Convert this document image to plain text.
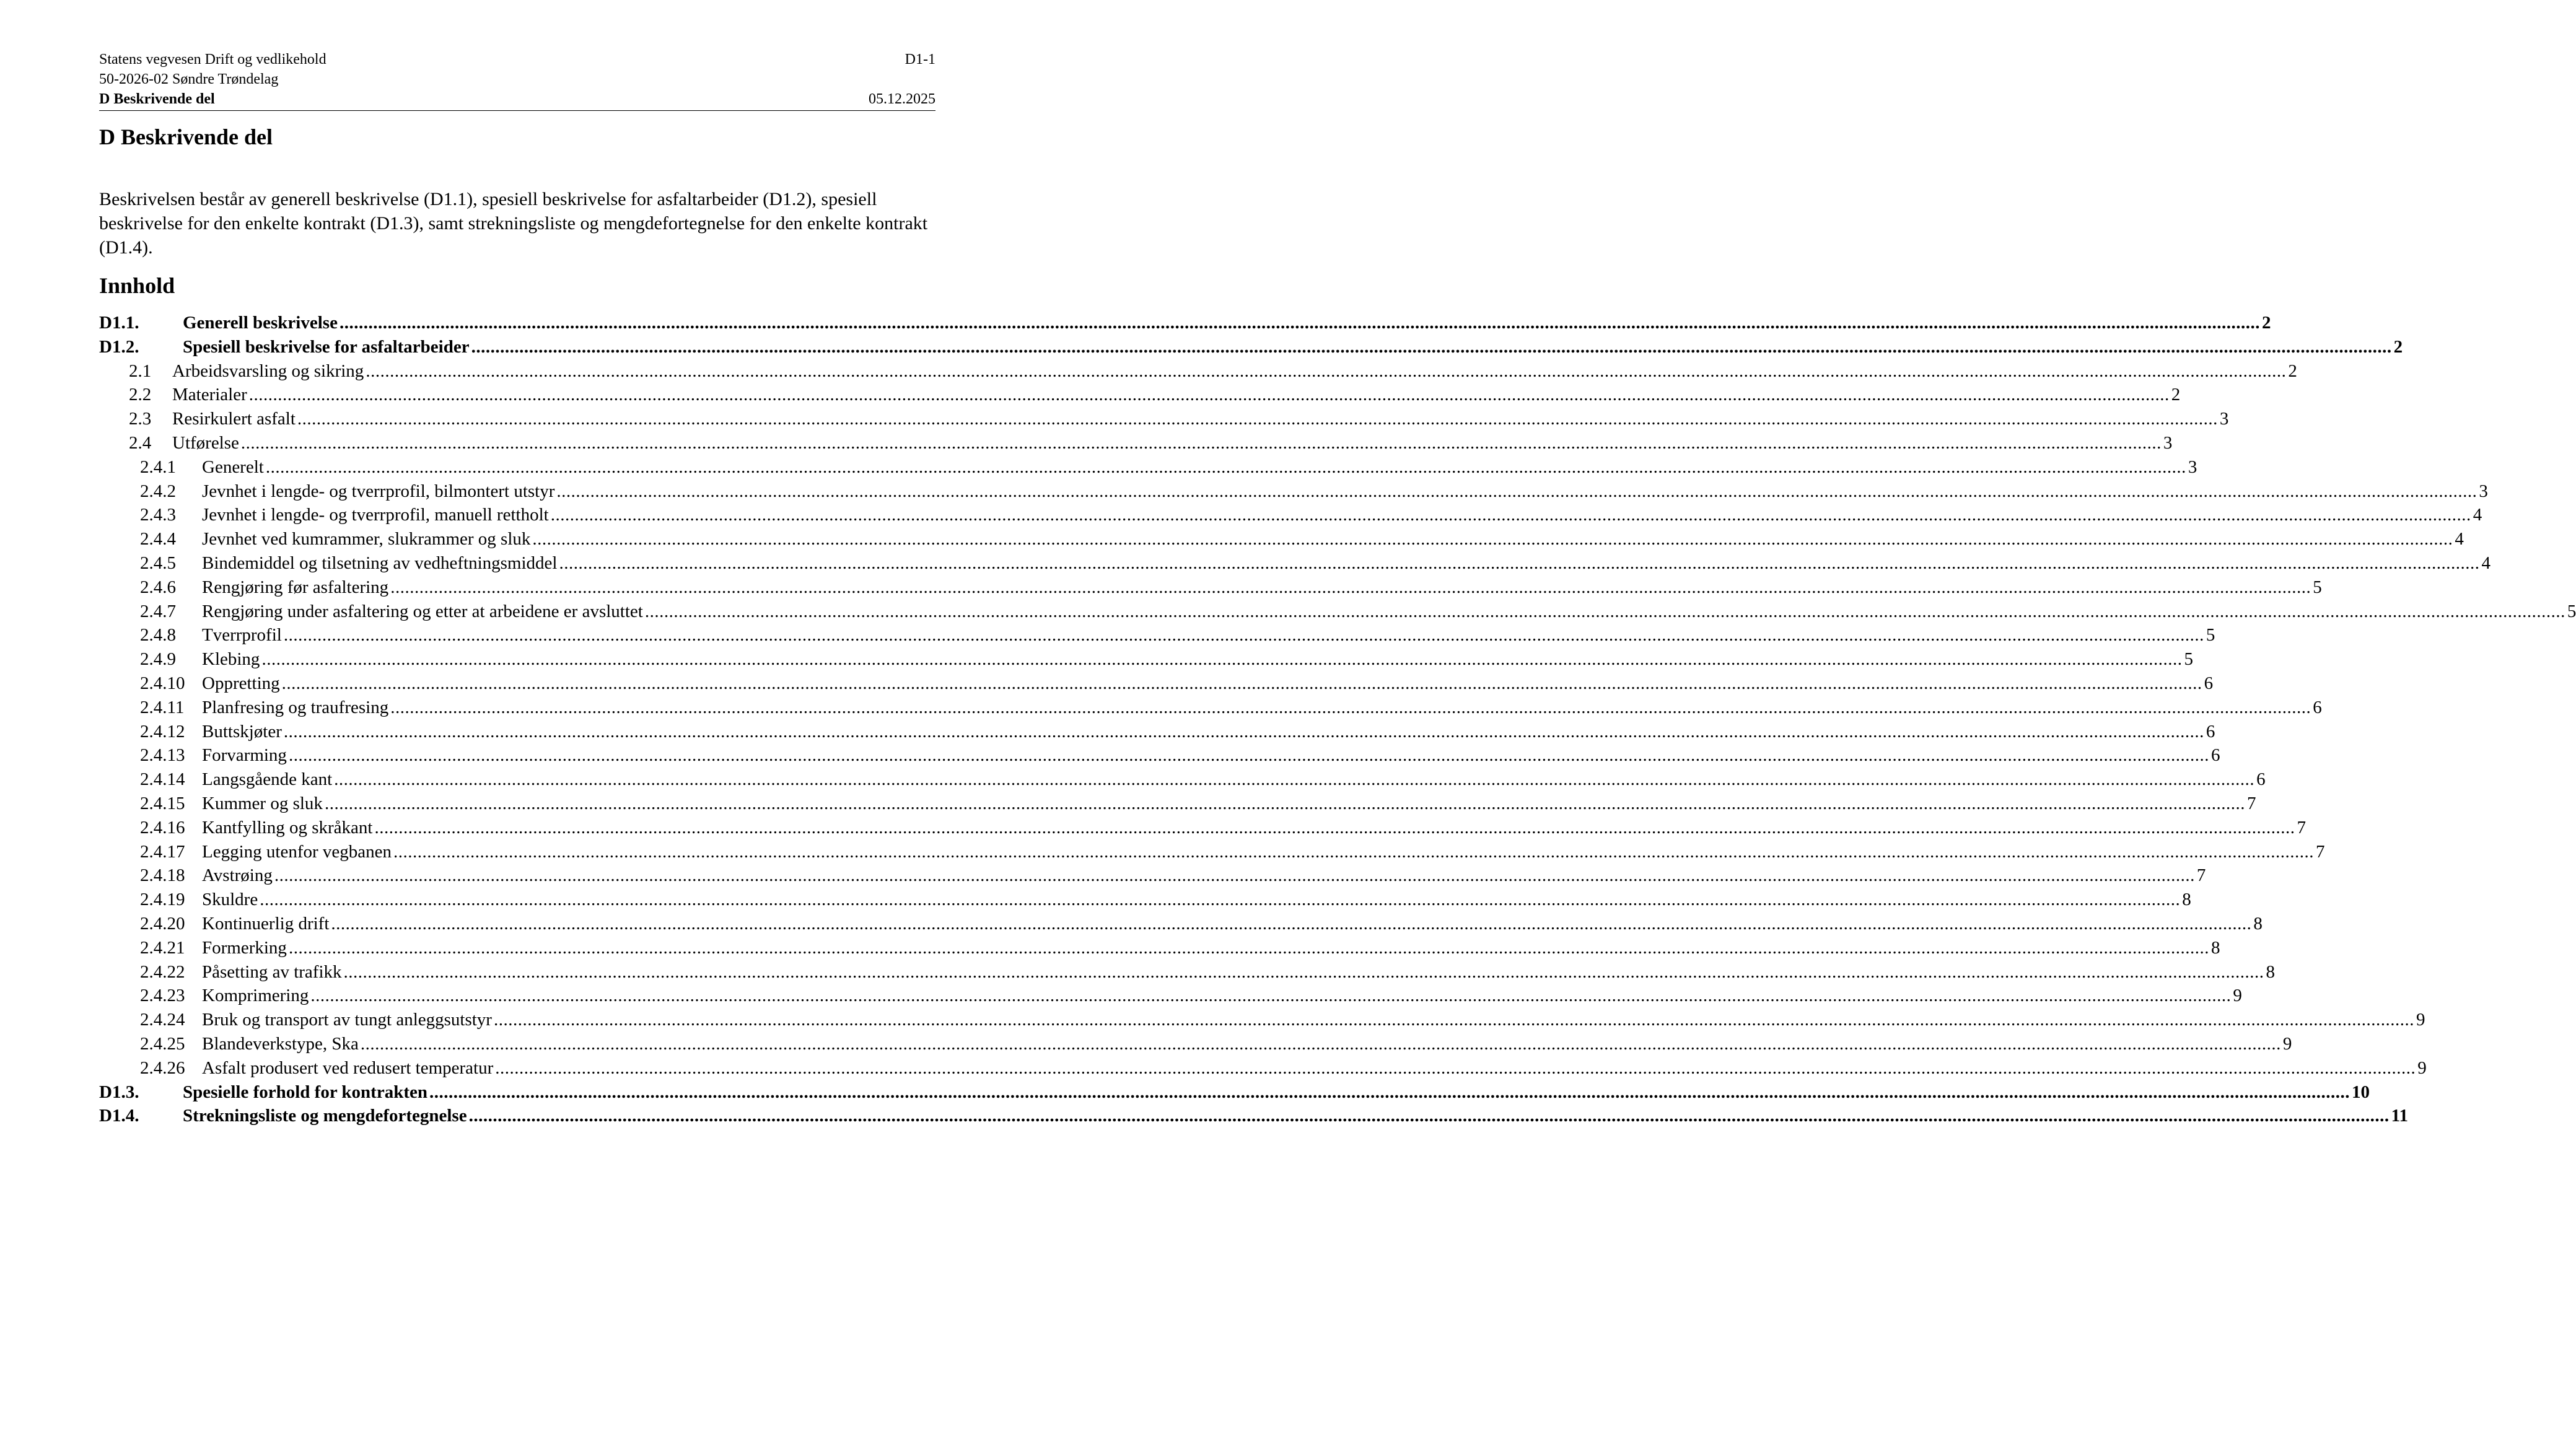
Statens vegvesen Drift og vedlikehold	D1-1
50-2026-02 Søndre Trøndelag
D Beskrivende del	05.12.2025
D Beskrivende del

Beskrivelsen består av generell beskrivelse (D1.1), spesiell beskrivelse for asfaltarbeider (D1.2), spesiell beskrivelse for den enkelte kontrakt (D1.3), samt strekningsliste og mengdefortegnelse for den enkelte kontrakt (D1.4).

Innhold
D1.1.	Generell beskrivelse ................................................................................................................................................................................................................................................................................................................................................................................................................ 2
D1.2.	Spesiell beskrivelse for asfaltarbeider ................................................................................................................................................................................................................................................................................................................................................................................................................ 2
2.1	Arbeidsvarsling og sikring ................................................................................................................................................................................................................................................................................................................................................................................................................ 2
2.2	Materialer ................................................................................................................................................................................................................................................................................................................................................................................................................ 2
2.3	Resirkulert asfalt ................................................................................................................................................................................................................................................................................................................................................................................................................ 3
2.4	Utførelse ................................................................................................................................................................................................................................................................................................................................................................................................................ 3
2.4.1	Generelt ................................................................................................................................................................................................................................................................................................................................................................................................................ 3
2.4.2	Jevnhet i lengde- og tverrprofil, bilmontert utstyr ................................................................................................................................................................................................................................................................................................................................................................................................................ 3
2.4.3	Jevnhet i lengde- og tverrprofil, manuell rettholt ................................................................................................................................................................................................................................................................................................................................................................................................................ 4
2.4.4	Jevnhet ved kumrammer, slukrammer og sluk ................................................................................................................................................................................................................................................................................................................................................................................................................ 4
2.4.5	Bindemiddel og tilsetning av vedheftningsmiddel ................................................................................................................................................................................................................................................................................................................................................................................................................ 4
2.4.6	Rengjøring før asfaltering ................................................................................................................................................................................................................................................................................................................................................................................................................ 5
2.4.7	Rengjøring under asfaltering og etter at arbeidene er avsluttet ................................................................................................................................................................................................................................................................................................................................................................................................................ 5
2.4.8	Tverrprofil ................................................................................................................................................................................................................................................................................................................................................................................................................ 5
2.4.9	Klebing ................................................................................................................................................................................................................................................................................................................................................................................................................ 5
2.4.10 Oppretting ................................................................................................................................................................................................................................................................................................................................................................................................................ 6
2.4.11 Planfresing og traufresing ................................................................................................................................................................................................................................................................................................................................................................................................................ 6
2.4.12 Buttskjøter ................................................................................................................................................................................................................................................................................................................................................................................................................ 6
2.4.13 Forvarming ................................................................................................................................................................................................................................................................................................................................................................................................................ 6
2.4.14 Langsgående kant ................................................................................................................................................................................................................................................................................................................................................................................................................ 6
2.4.15 Kummer og sluk ................................................................................................................................................................................................................................................................................................................................................................................................................ 7
2.4.16 Kantfylling og skråkant ................................................................................................................................................................................................................................................................................................................................................................................................................ 7
2.4.17 Legging utenfor vegbanen ................................................................................................................................................................................................................................................................................................................................................................................................................ 7
2.4.18 Avstrøing ................................................................................................................................................................................................................................................................................................................................................................................................................ 7
2.4.19 Skuldre ................................................................................................................................................................................................................................................................................................................................................................................................................ 8
2.4.20 Kontinuerlig drift ................................................................................................................................................................................................................................................................................................................................................................................................................ 8
2.4.21 Formerking ................................................................................................................................................................................................................................................................................................................................................................................................................ 8
2.4.22 Påsetting av trafikk ................................................................................................................................................................................................................................................................................................................................................................................................................ 8
2.4.23 Komprimering ................................................................................................................................................................................................................................................................................................................................................................................................................ 9
2.4.24 Bruk og transport av tungt anleggsutstyr ................................................................................................................................................................................................................................................................................................................................................................................................................ 9
2.4.25 Blandeverkstype, Ska ................................................................................................................................................................................................................................................................................................................................................................................................................ 9
2.4.26 Asfalt produsert ved redusert temperatur ................................................................................................................................................................................................................................................................................................................................................................................................................ 9
D1.3.	Spesielle forhold for kontrakten ................................................................................................................................................................................................................................................................................................................................................................................................................ 10
D1.4.	Strekningsliste og mengdefortegnelse ................................................................................................................................................................................................................................................................................................................................................................................................................ 11
